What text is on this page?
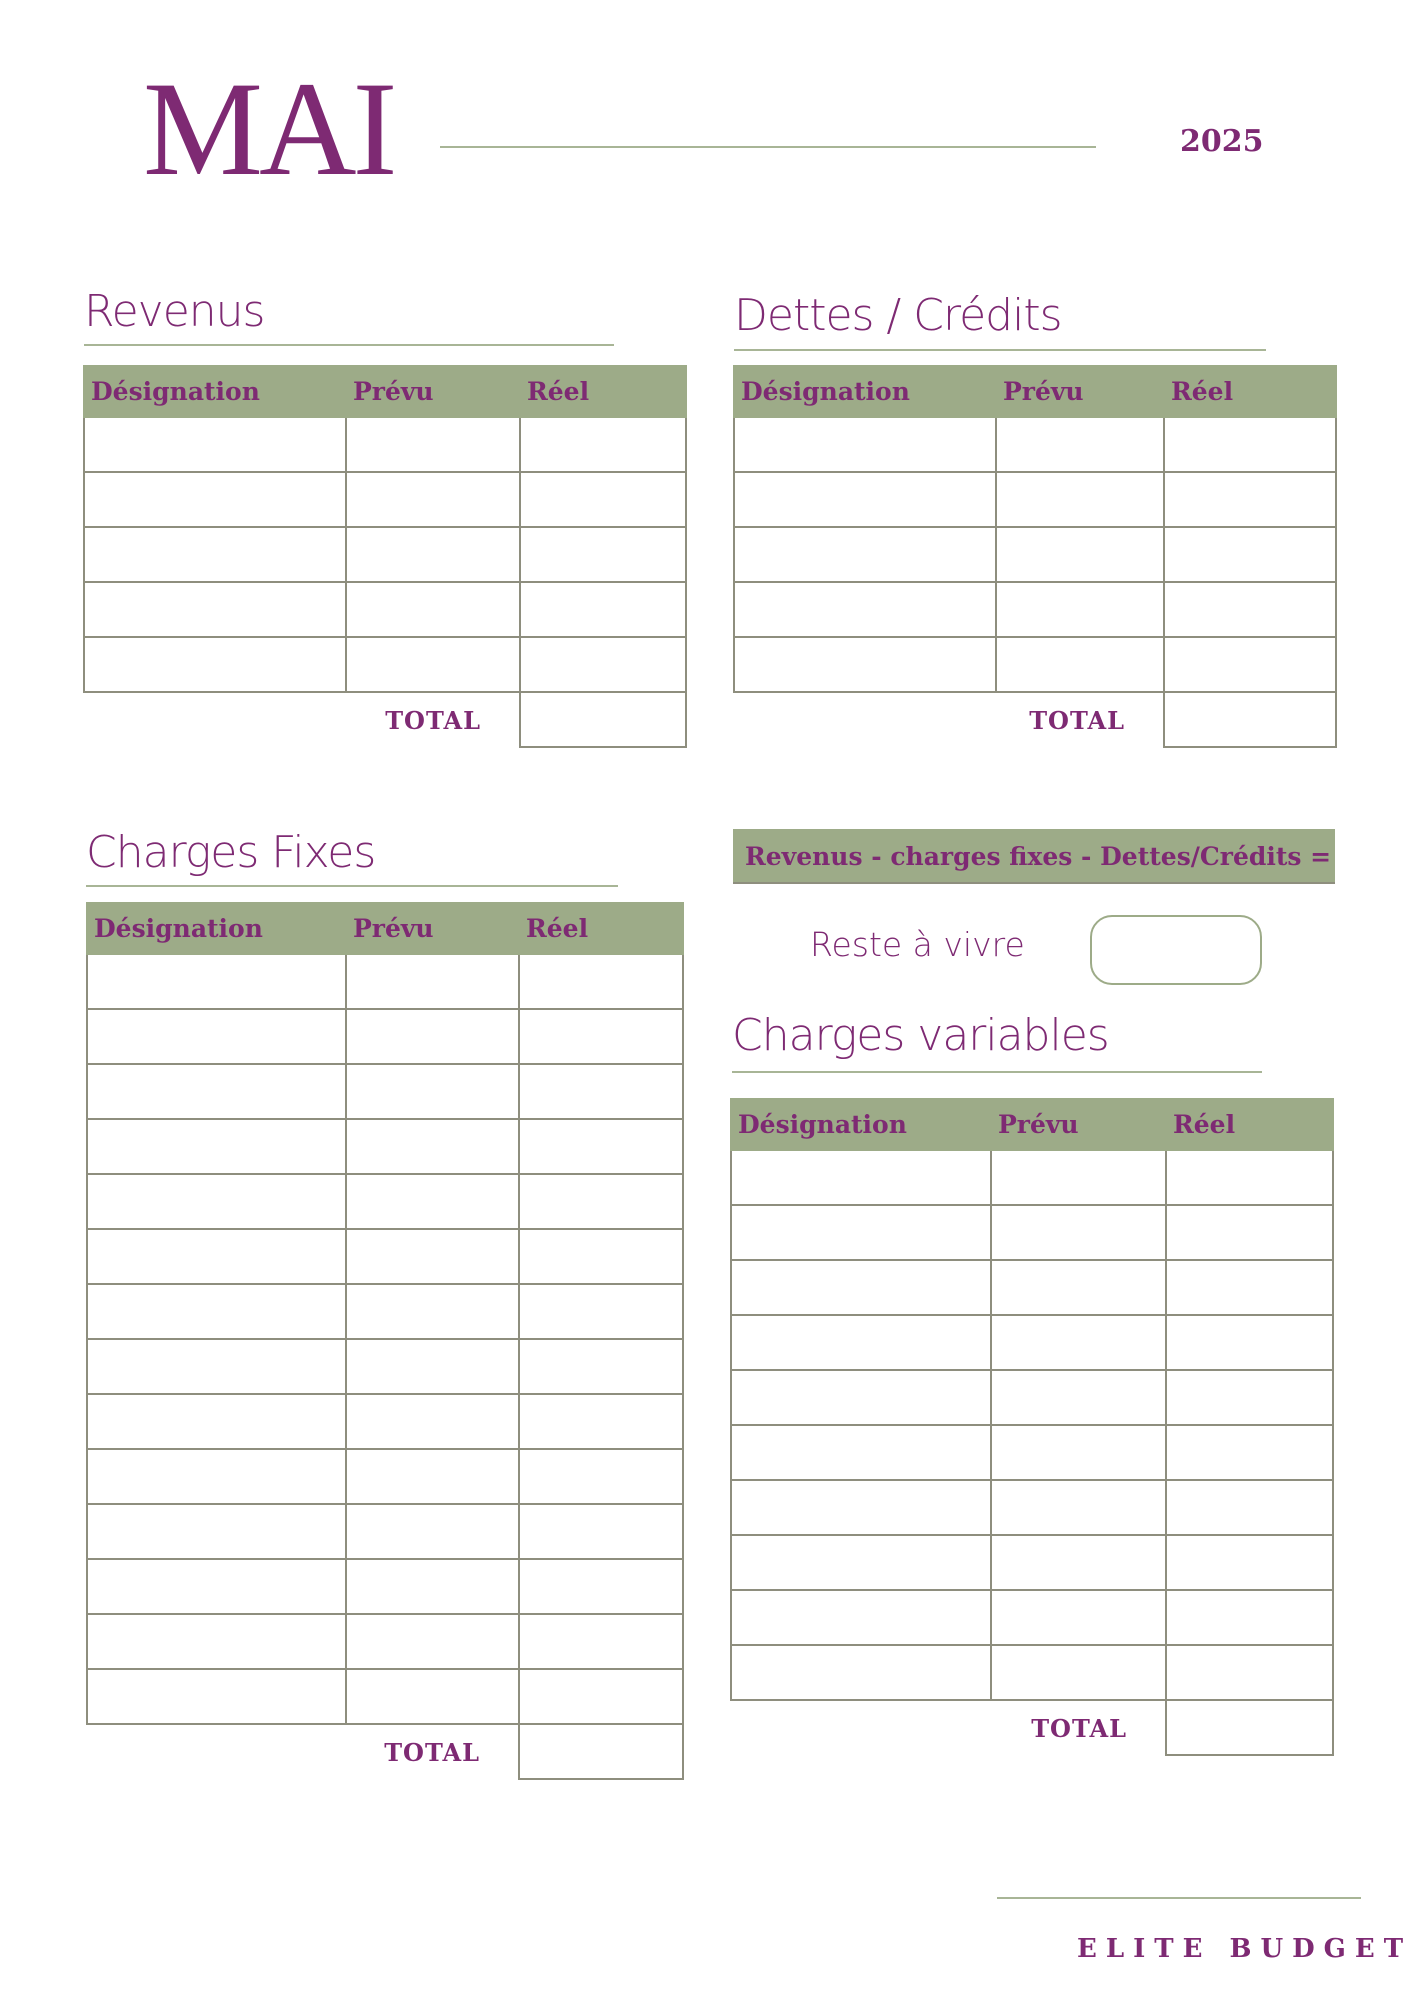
MAI	2025
Revenus
Désignation	Prévu	Réel

TOTAL		
Dettes / Crédits
Désignation	Prévu	Réel

TOTAL		
Charges Fixes
Désignation	Prévu	Réel

TOTAL		
Revenus - charges fixes - Dettes/Crédits =
Reste à vivre
Charges variables
Désignation	Prévu	Réel

TOTAL		
ELITE BUDGET
